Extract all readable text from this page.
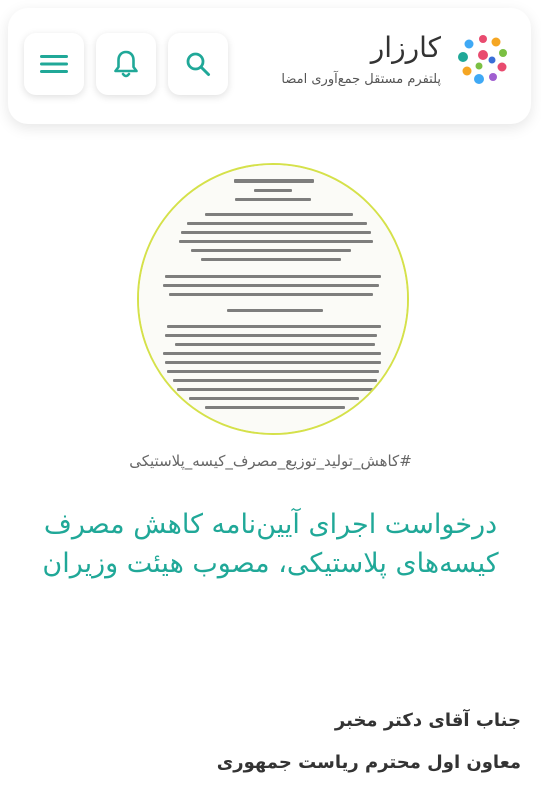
کارزار
پلتفرم مستقل جمع‌آوری امضا
#کاهش_تولید_توزیع_مصرف_کیسه_پلاستیکی
درخواست اجرای آیین‌نامه کاهش مصرف کیسه‌های پلاستیکی، مصوب هیئت وزیران
جناب آقای دکتر مخبر
معاون اول محترم ریاست جمهوری
